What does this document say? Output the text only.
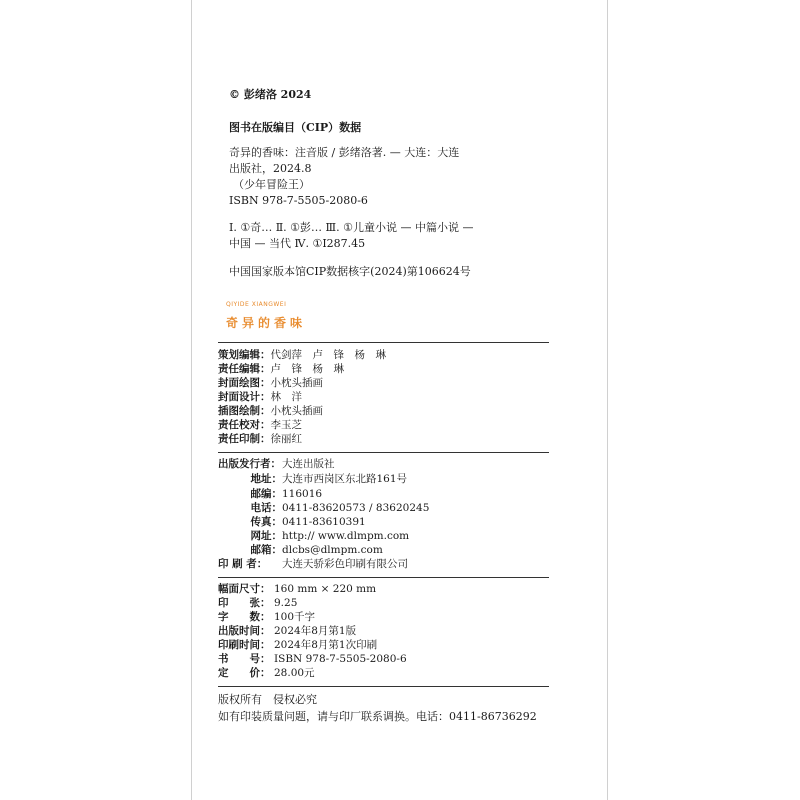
© 彭绪洛 2024
图书在版编目（CIP）数据
奇异的香味：注音版 / 彭绪洛著. — 大连：大连
出版社，2024.8
（少年冒险王）
ISBN 978-7-5505-2080-6
Ⅰ. ①奇… Ⅱ. ①彭… Ⅲ. ①儿童小说 — 中篇小说 —
中国 — 当代 Ⅳ. ①I287.45
中国国家版本馆CIP数据核字(2024)第106624号
QIYIDE XIANGWEI
奇异的香味
策划编辑：代剑萍　卢　锋　杨　琳
责任编辑：卢　锋　杨　琳
封面绘图：小枕头插画
封面设计：林　洋
插图绘制：小枕头插画
责任校对：李玉芝
责任印制：徐丽红
出版发行者：大连出版社
地址：大连市西岗区东北路161号
邮编：116016
电话：0411-83620573 / 83620245
传真：0411-83610391
网址：http:// www.dlmpm.com
邮箱：dlcbs@dlmpm.com
印 刷 者： 大连天骄彩色印刷有限公司
幅面尺寸： 160 mm × 220 mm
印　　张： 9.25
字　　数： 100千字
出版时间： 2024年8月第1版
印刷时间： 2024年8月第1次印刷
书　　号： ISBN 978-7-5505-2080-6
定　　价： 28.00元
版权所有　侵权必究
如有印装质量问题，请与印厂联系调换。电话：0411-86736292
